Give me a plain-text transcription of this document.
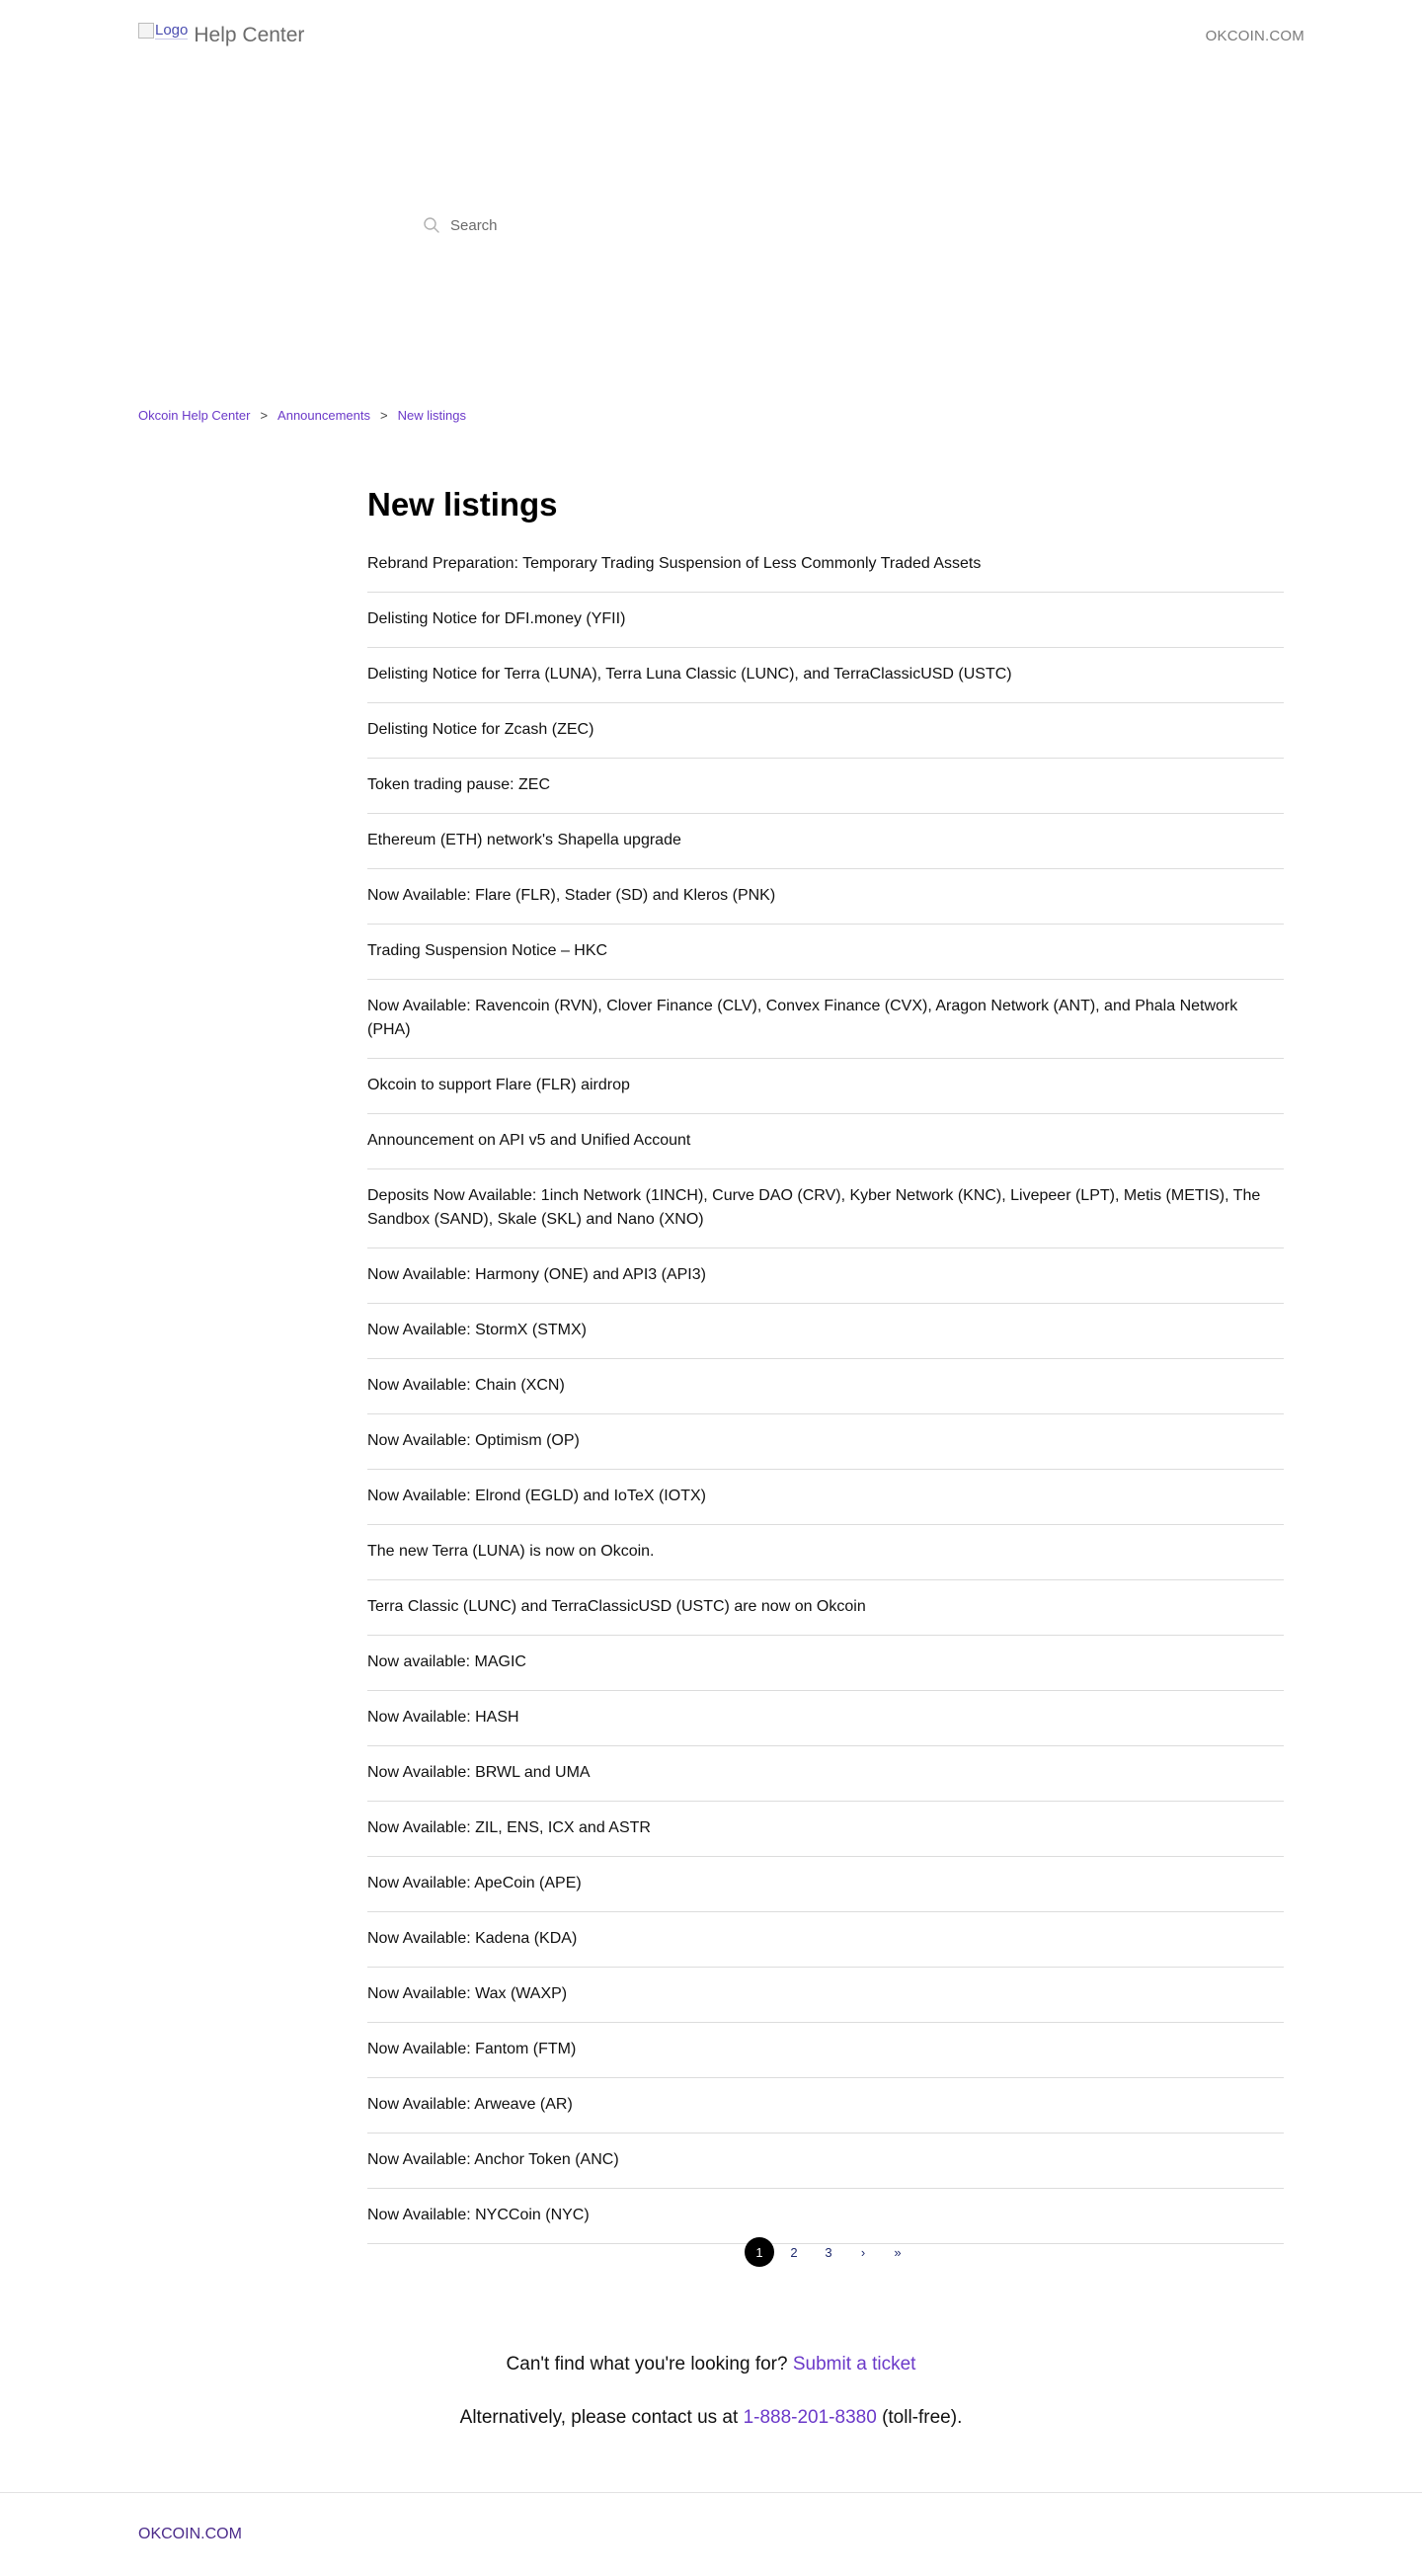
Logo Help Center	OKCOIN.COM
Search
Okcoin Help Center > Announcements > New listings
New listings
Rebrand Preparation: Temporary Trading Suspension of Less Commonly Traded Assets
Delisting Notice for DFI.money (YFII)
Delisting Notice for Terra (LUNA), Terra Luna Classic (LUNC), and TerraClassicUSD (USTC)
Delisting Notice for Zcash (ZEC)
Token trading pause: ZEC
Ethereum (ETH) network's Shapella upgrade
Now Available: Flare (FLR), Stader (SD) and Kleros (PNK)
Trading Suspension Notice – HKC
Now Available: Ravencoin (RVN), Clover Finance (CLV), Convex Finance (CVX), Aragon Network (ANT), and Phala Network (PHA)
Okcoin to support Flare (FLR) airdrop
Announcement on API v5 and Unified Account
Deposits Now Available: 1inch Network (1INCH), Curve DAO (CRV), Kyber Network (KNC), Livepeer (LPT), Metis (METIS), The Sandbox (SAND), Skale (SKL) and Nano (XNO)
Now Available: Harmony (ONE) and API3 (API3)
Now Available: StormX (STMX)
Now Available: Chain (XCN)
Now Available: Optimism (OP)
Now Available: Elrond (EGLD) and IoTeX (IOTX)
The new Terra (LUNA) is now on Okcoin.
Terra Classic (LUNC) and TerraClassicUSD (USTC) are now on Okcoin
Now available: MAGIC
Now Available: HASH
Now Available: BRWL and UMA
Now Available: ZIL, ENS, ICX and ASTR
Now Available: ApeCoin (APE)
Now Available: Kadena (KDA)
Now Available: Wax (WAXP)
Now Available: Fantom (FTM)
Now Available: Arweave (AR)
Now Available: Anchor Token (ANC)
Now Available: NYCCoin (NYC)
1	2	3	›	»

Can't find what you're looking for? Submit a ticket

Alternatively, please contact us at 1-888-201-8380 (toll-free).

OKCOIN.COM
